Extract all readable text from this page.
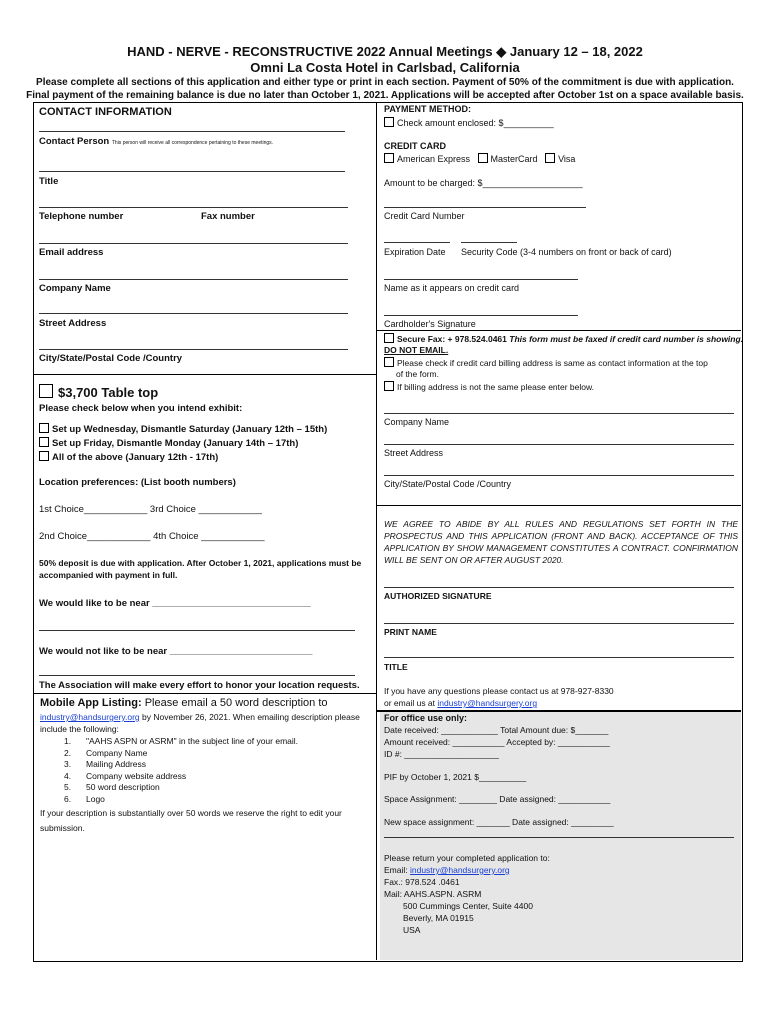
HAND - NERVE - RECONSTRUCTIVE 2022 Annual Meetings ◆ January 12 – 18, 2022
Omni La Costa Hotel in Carlsbad, California
Please complete all sections of this application and either type or print in each section. Payment of 50% of the commitment is due with application.
Final payment of the remaining balance is due no later than October 1, 2021. Applications will be accepted after October 1st on a space available basis.
CONTACT INFORMATION
Contact Person This person will receive all correspondence pertaining to these meetings.
Title
Telephone number	Fax number
Email address
Company Name
Street Address
City/State/Postal Code /Country
$3,700 Table top
Please check below when you intend exhibit:
Set up Wednesday, Dismantle Saturday (January 12th – 15th)
Set up Friday, Dismantle Monday (January 14th – 17th)
All of the above (January 12th - 17th)
Location preferences: (List booth numbers)
1st Choice____________ 3rd Choice ____________
2nd Choice____________ 4th Choice ____________
50% deposit is due with application. After October 1, 2021, applications must be accompanied with payment in full.
We would like to be near ______________________________
We would not like to be near ___________________________
The Association will make every effort to honor your location requests.
Mobile App Listing: Please email a 50 word description to
industry@handsurgery.org by November 26, 2021. When emailing description please include the following:
1. "AAHS ASPN or ASRM" in the subject line of your email.
2. Company Name
3. Mailing Address
4. Company website address
5. 50 word description
6. Logo
If your description is substantially over 50 words we reserve the right to edit your submission.
PAYMENT METHOD:
Check amount enclosed: $__________
CREDIT CARD
American Express MasterCard Visa
Amount to be charged: $____________________
Credit Card Number
Expiration Date Security Code (3-4 numbers on front or back of card)
Name as it appears on credit card
Cardholder's Signature
Secure Fax: + 978.524.0461 This form must be faxed if credit card number is showing.
DO NOT EMAIL.
Please check if credit card billing address is same as contact information at the top
of the form.
If billing address is not the same please enter below.
Company Name
Street Address
City/State/Postal Code /Country
WE AGREE TO ABIDE BY ALL RULES AND REGULATIONS SET FORTH IN THE PROSPECTUS AND THIS APPLICATION (FRONT AND BACK). ACCEPTANCE OF THIS APPLICATION BY SHOW MANAGEMENT CONSTITUTES A CONTRACT. CONFIRMATION WILL BE SENT ON OR AFTER AUGUST 2020.
AUTHORIZED SIGNATURE
PRINT NAME
TITLE
If you have any questions please contact us at 978-927-8330
or email us at industry@handsurgery.org
For office use only:
Date received: ____________ Total Amount due: $_______
Amount received: ___________ Accepted by: ___________
ID #: ____________________
PIF by October 1, 2021 $__________
Space Assignment: ________ Date assigned: ___________
New space assignment: _______ Date assigned: _________
Please return your completed application to:
Email: industry@handsurgery.org
Fax.: 978.524 .0461
Mail: AAHS.ASPN. ASRM
500 Cummings Center, Suite 4400
Beverly, MA 01915
USA
